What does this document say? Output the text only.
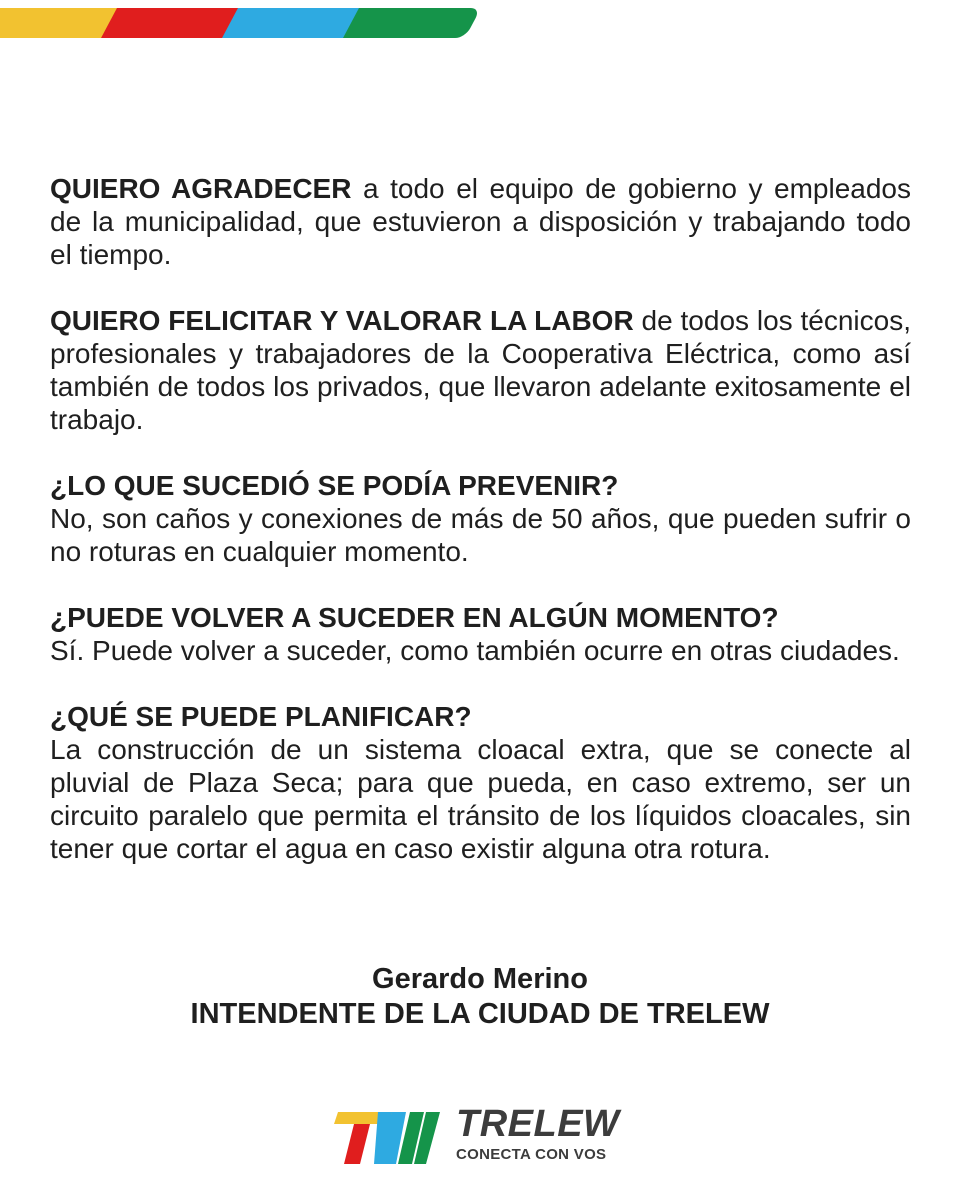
QUIERO AGRADECER a todo el equipo de gobierno y empleados de la municipalidad, que estuvieron a disposición y trabajando todo el tiempo.

QUIERO FELICITAR Y VALORAR LA LABOR de todos los técnicos, profesionales y trabajadores de la Cooperativa Eléctrica, como así también de todos los privados, que llevaron adelante exitosamente el trabajo.

¿LO QUE SUCEDIÓ SE PODÍA PREVENIR?
No, son caños y conexiones de más de 50 años, que pueden sufrir o no roturas en cualquier momento.
¿PUEDE VOLVER A SUCEDER EN ALGÚN MOMENTO?
Sí. Puede volver a suceder, como también ocurre en otras ciudades.
¿QUÉ SE PUEDE PLANIFICAR?
La construcción de un sistema cloacal extra, que se conecte al pluvial de Plaza Seca; para que pueda, en caso extremo, ser un circuito paralelo que permita el tránsito de los líquidos cloacales, sin tener que cortar el agua en caso existir alguna otra rotura.
Gerardo Merino
INTENDENTE DE LA CIUDAD DE TRELEW
TRELEW
CONECTA CON VOS
